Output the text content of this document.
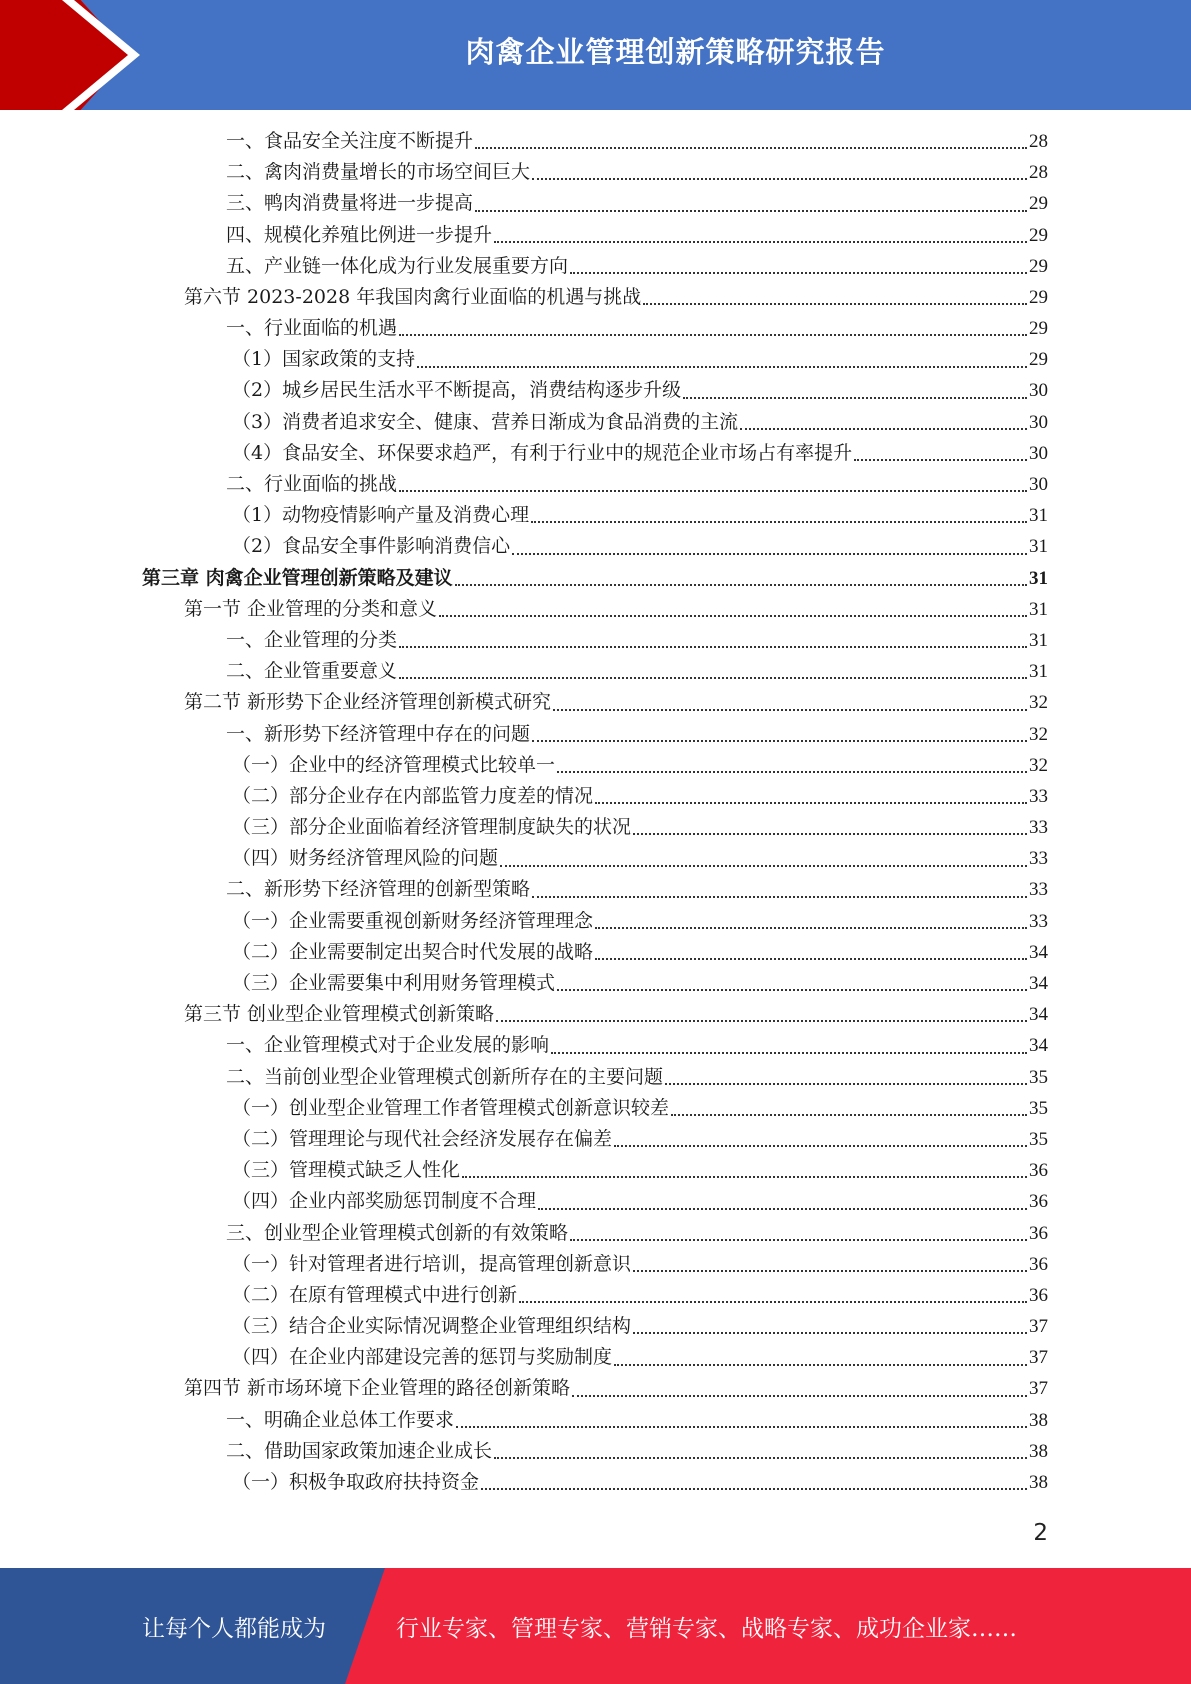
肉禽企业管理创新策略研究报告
一、食品安全关注度不断提升	28
二、禽肉消费量增长的市场空间巨大	28
三、鸭肉消费量将进一步提高	29
四、规模化养殖比例进一步提升	29
五、产业链一体化成为行业发展重要方向	29
第六节 2023-2028 年我国肉禽行业面临的机遇与挑战	29
一、行业面临的机遇	29
（1）国家政策的支持	29
（2）城乡居民生活水平不断提高，消费结构逐步升级	30
（3）消费者追求安全、健康、营养日渐成为食品消费的主流	30
（4）食品安全、环保要求趋严，有利于行业中的规范企业市场占有率提升	30
二、行业面临的挑战	30
（1）动物疫情影响产量及消费心理	31
（2）食品安全事件影响消费信心	31
第三章 肉禽企业管理创新策略及建议	31
第一节 企业管理的分类和意义	31
一、企业管理的分类	31
二、企业管重要意义	31
第二节 新形势下企业经济管理创新模式研究	32
一、新形势下经济管理中存在的问题	32
（一）企业中的经济管理模式比较单一	32
（二）部分企业存在内部监管力度差的情况	33
（三）部分企业面临着经济管理制度缺失的状况	33
（四）财务经济管理风险的问题	33
二、新形势下经济管理的创新型策略	33
（一）企业需要重视创新财务经济管理理念	33
（二）企业需要制定出契合时代发展的战略	34
（三）企业需要集中利用财务管理模式	34
第三节 创业型企业管理模式创新策略	34
一、企业管理模式对于企业发展的影响	34
二、当前创业型企业管理模式创新所存在的主要问题	35
（一）创业型企业管理工作者管理模式创新意识较差	35
（二）管理理论与现代社会经济发展存在偏差	35
（三）管理模式缺乏人性化	36
（四）企业内部奖励惩罚制度不合理	36
三、创业型企业管理模式创新的有效策略	36
（一）针对管理者进行培训，提高管理创新意识	36
（二）在原有管理模式中进行创新	36
（三）结合企业实际情况调整企业管理组织结构	37
（四）在企业内部建设完善的惩罚与奖励制度	37
第四节 新市场环境下企业管理的路径创新策略	37
一、明确企业总体工作要求	38
二、借助国家政策加速企业成长	38
（一）积极争取政府扶持资金	38
2
让每个人都能成为	行业专家、管理专家、营销专家、战略专家、成功企业家……
